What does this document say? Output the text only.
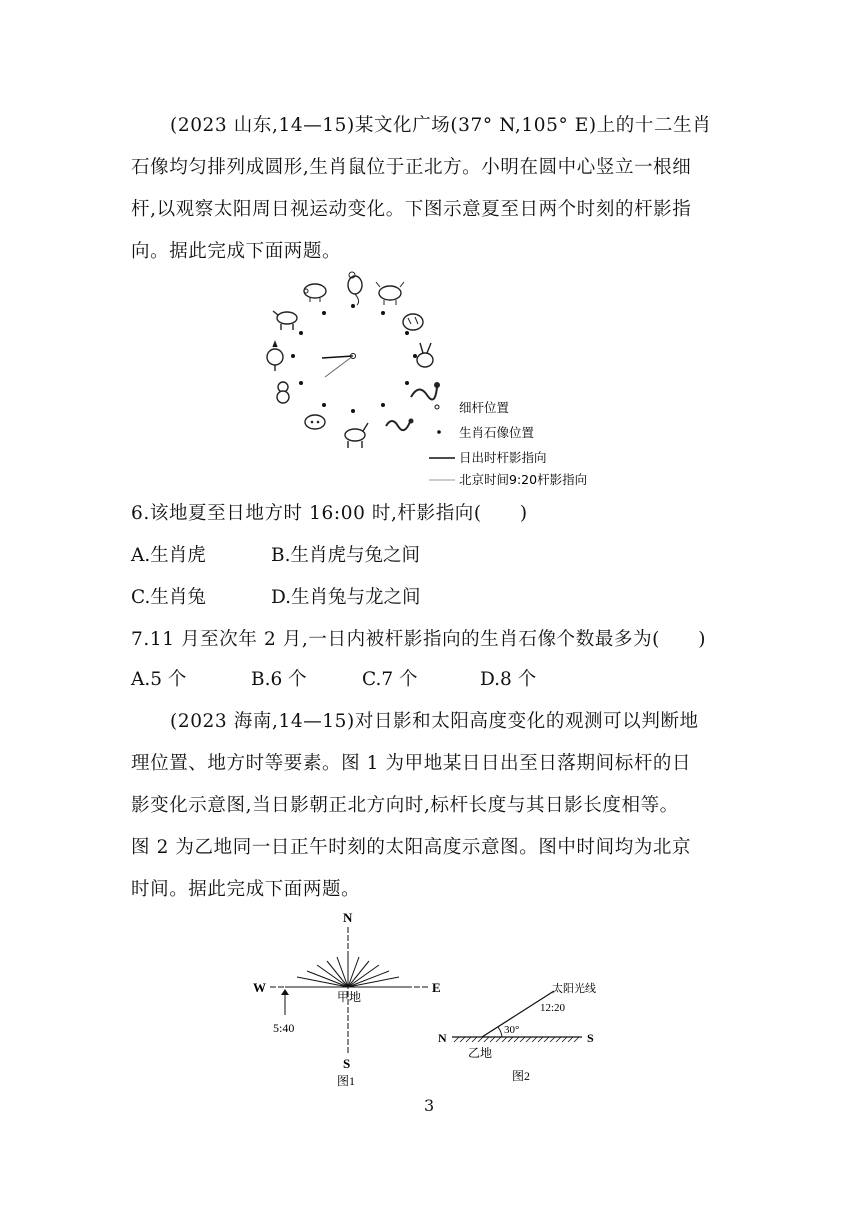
(2023 山东,14—15)某文化广场(37° N,105° E)上的十二生肖
石像均匀排列成圆形,生肖鼠位于正北方。小明在圆中心竖立一根细
杆,以观察太阳周日视运动变化。下图示意夏至日两个时刻的杆影指
向。据此完成下面两题。
细杆位置
生肖石像位置
日出时杆影指向
北京时间9:20杆影指向
6.该地夏至日地方时 16:00 时,杆影指向(　　)
A.生肖虎	B.生肖虎与兔之间
C.生肖兔	D.生肖兔与龙之间
7.11 月至次年 2 月,一日内被杆影指向的生肖石像个数最多为(　　)
A.5 个	B.6 个	C.7 个	D.8 个
(2023 海南,14—15)对日影和太阳高度变化的观测可以判断地
理位置、地方时等要素。图 1 为甲地某日日出至日落期间标杆的日
影变化示意图,当日影朝正北方向时,标杆长度与其日影长度相等。
图 2 为乙地同一日正午时刻的太阳高度示意图。图中时间均为北京
时间。据此完成下面两题。
N
W	E
甲地
5:40
S
图1
N	S
30°
太阳光线
12:20
乙地
图2
3
